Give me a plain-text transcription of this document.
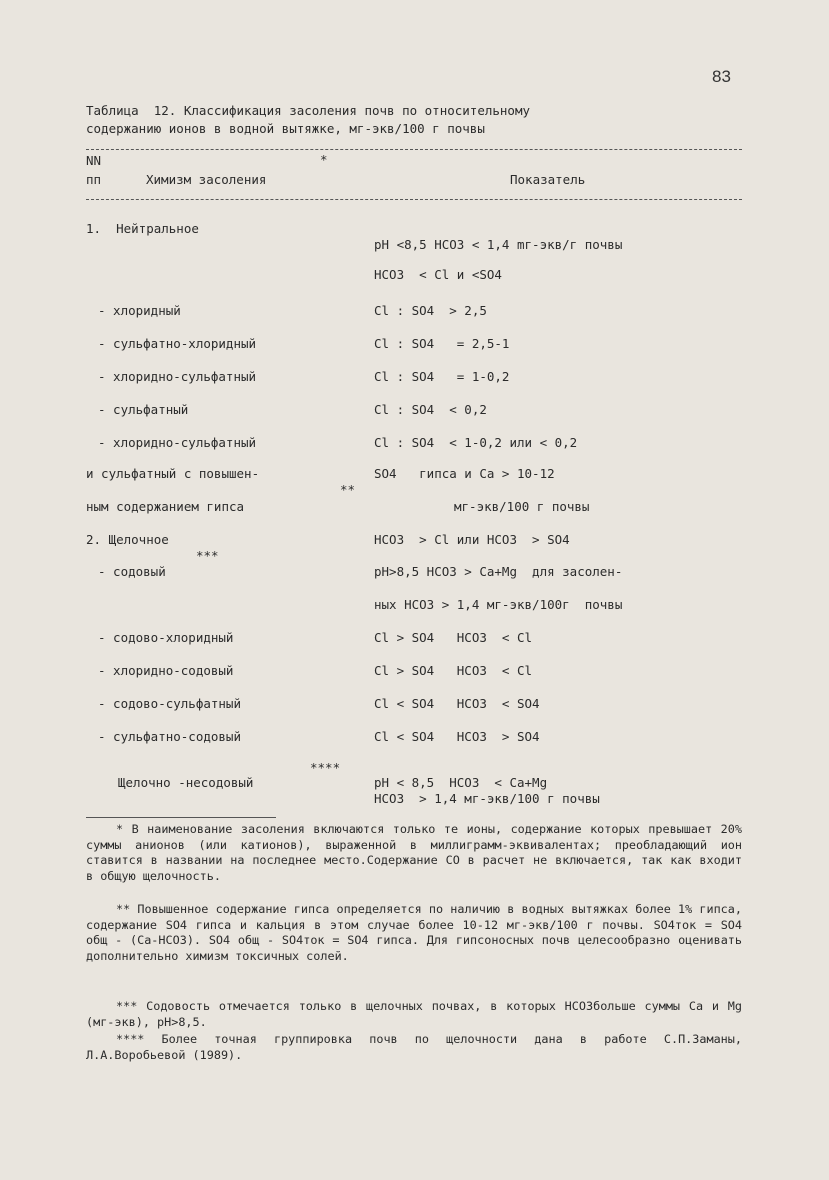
83
Таблица  12. Классификация засоления почв по относительному
содержанию ионов в водной вытяжке, мг-экв/100 г почвы
NN	*
пп	Химизм засоления	Показатель
1.  Нейтральное
pH <8,5 HCO3 < 1,4 mг-экв/г почвы
HCO3  < Cl и <SO4
- хлоридный	Cl : SO4  > 2,5
- сульфатно-хлоридный	Cl : SO4   = 2,5-1
- хлоридно-сульфатный	Cl : SO4   = 1-0,2
- сульфатный	Cl : SO4  < 0,2
- хлоридно-сульфатный	Cl : SO4  < 1-0,2 или < 0,2
и сульфатный с повышен-	SO4   гипса и Ca > 10-12
**
ным содержанием гипса	мг-экв/100 г почвы
2. Щелочное	HCO3  > Cl или HCO3  > SO4
***
- содовый	pH>8,5 HCO3 > Ca+Mg  для засолен-
ных HCO3 > 1,4 мг-экв/100г  почвы
- содово-хлоридный	Cl > SO4   HCO3  < Cl
- хлоридно-содовый	Cl > SO4   HCO3  < Cl
- содово-сульфатный	Cl < SO4   HCO3  < SO4
- сульфатно-содовый	Cl < SO4   HCO3  > SO4
****
Щелочно -несодовый	pH < 8,5  HCO3  < Ca+Mg
HCO3  > 1,4 мг-экв/100 г почвы
* В наименование засоления включаются только те ионы, содержание которых превышает 20% суммы анионов (или катионов), выраженной в миллиграмм-эквивалентах; преобладающий ион ставится в названии на последнее место.Содержание CO в расчет не включается, так как входит в общую щелочность.
** Повышенное содержание гипса определяется по наличию в водных вытяжках более 1% гипса, содержание SO4 гипса и кальция в этом случае более 10-12 мг-экв/100 г почвы. SO4ток = SO4 общ - (Ca-HCO3). SO4 общ - SO4ток = SO4 гипса. Для гипсоносных почв целесообразно оценивать дополнительно химизм токсичных солей.
*** Содовость отмечается только в щелочных почвах, в которых HCO3больше суммы Ca и Mg (мг-экв), pH>8,5.
**** Более точная группировка почв по щелочности дана в работе С.П.Заманы, Л.А.Воробьевой (1989).
